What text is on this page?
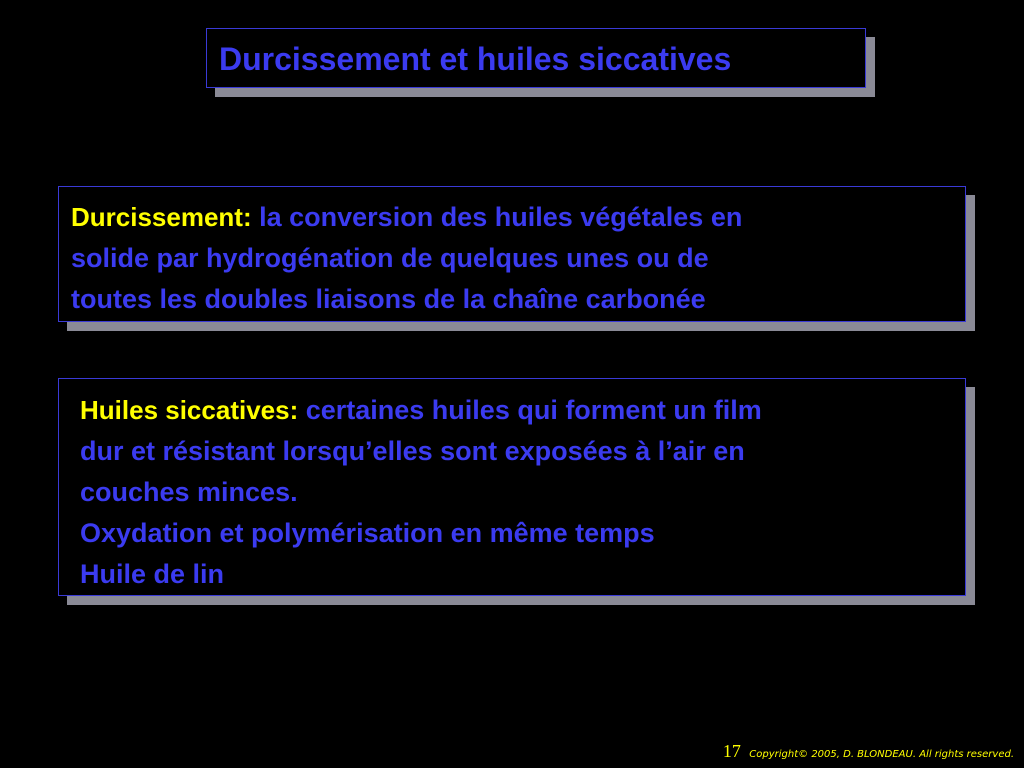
Durcissement et huiles siccatives

Durcissement: la conversion des huiles végétales en
solide par hydrogénation de quelques unes ou de
toutes les doubles liaisons de la chaîne carbonée

Huiles siccatives: certaines huiles qui forment un film
dur et résistant lorsqu’elles sont exposées à l’air en
couches minces.
Oxydation et polymérisation en même temps
Huile de lin

17 Copyright© 2005, D. BLONDEAU. All rights reserved.
